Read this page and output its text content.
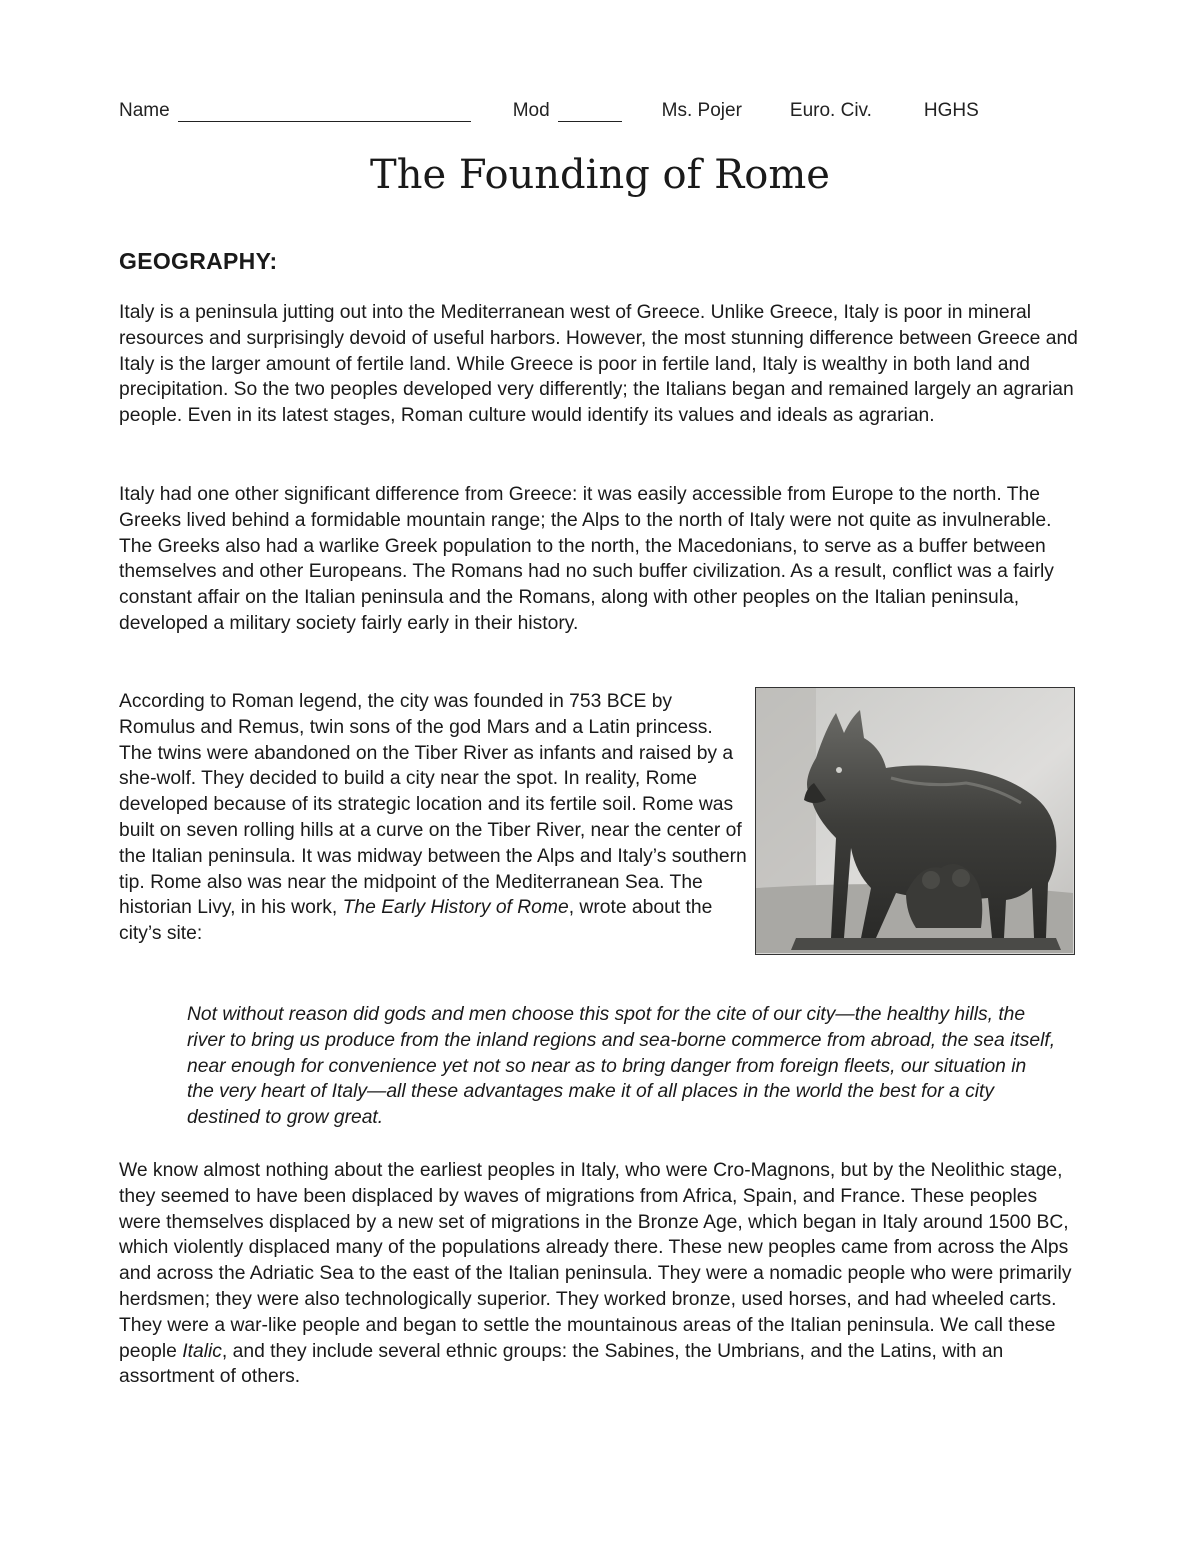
Name	Mod	Ms. Pojer	Euro. Civ.	HGHS
The Founding of Rome
GEOGRAPHY:

Italy is a peninsula jutting out into the Mediterranean west of Greece. Unlike Greece, Italy is poor in mineral resources and surprisingly devoid of useful harbors. However, the most stunning difference between Greece and Italy is the larger amount of fertile land. While Greece is poor in fertile land, Italy is wealthy in both land and precipitation. So the two peoples developed very differently; the Italians began and remained largely an agrarian people. Even in its latest stages, Roman culture would identify its values and ideals as agrarian.

Italy had one other significant difference from Greece: it was easily accessible from Europe to the north. The Greeks lived behind a formidable mountain range; the Alps to the north of Italy were not quite as invulnerable. The Greeks also had a warlike Greek population to the north, the Macedonians, to serve as a buffer between themselves and other Europeans. The Romans had no such buffer civilization. As a result, conflict was a fairly constant affair on the Italian peninsula and the Romans, along with other peoples on the Italian peninsula, developed a military society fairly early in their history.

According to Roman legend, the city was founded in 753 BCE by Romulus and Remus, twin sons of the god Mars and a Latin princess. The twins were abandoned on the Tiber River as infants and raised by a she-wolf. They decided to build a city near the spot. In reality, Rome developed because of its strategic location and its fertile soil. Rome was built on seven rolling hills at a curve on the Tiber River, near the center of the Italian peninsula. It was midway between the Alps and Italy’s southern tip. Rome also was near the midpoint of the Mediterranean Sea. The historian Livy, in his work, The Early History of Rome, wrote about the city’s site:

Not without reason did gods and men choose this spot for the cite of our city—the healthy hills, the river to bring us produce from the inland regions and sea-borne commerce from abroad, the sea itself, near enough for convenience yet not so near as to bring danger from foreign fleets, our situation in the very heart of Italy—all these advantages make it of all places in the world the best for a city destined to grow great.

We know almost nothing about the earliest peoples in Italy, who were Cro-Magnons, but by the Neolithic stage, they seemed to have been displaced by waves of migrations from Africa, Spain, and France. These peoples were themselves displaced by a new set of migrations in the Bronze Age, which began in Italy around 1500 BC, which violently displaced many of the populations already there. These new peoples came from across the Alps and across the Adriatic Sea to the east of the Italian peninsula. They were a nomadic people who were primarily herdsmen; they were also technologically superior. They worked bronze, used horses, and had wheeled carts. They were a war-like people and began to settle the mountainous areas of the Italian peninsula. We call these people Italic, and they include several ethnic groups: the Sabines, the Umbrians, and the Latins, with an assortment of others.
